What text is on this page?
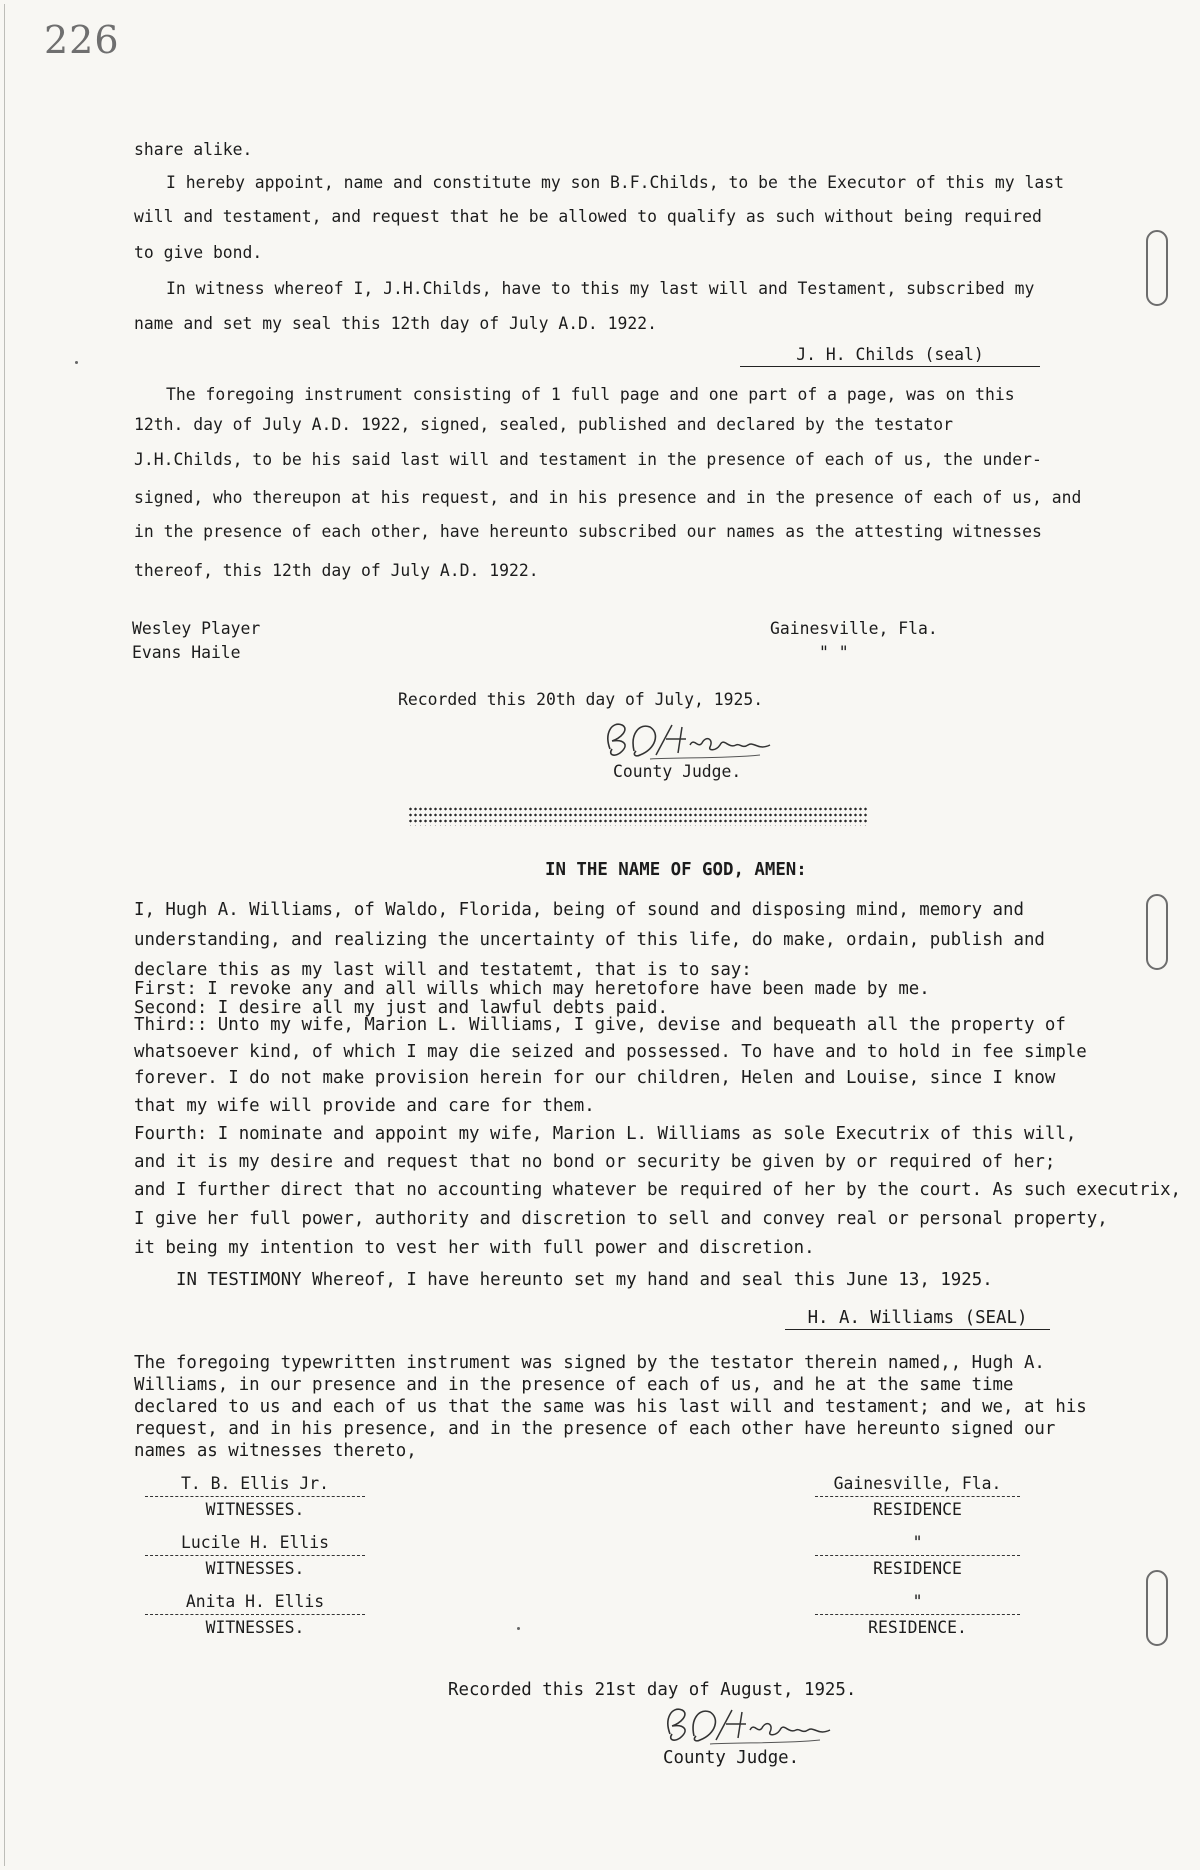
226
share alike.
I hereby appoint, name and constitute my son B.F.Childs, to be the Executor of this my last
will and testament, and request that he be allowed to qualify as such without being required
to give bond.
In witness whereof I, J.H.Childs, have to this my last will and Testament, subscribed my
name and set my seal this 12th day of July A.D. 1922.
J. H. Childs (seal)
The foregoing instrument consisting of 1 full page and one part of a page, was on this
12th. day of July A.D. 1922, signed, sealed, published and declared by the testator
J.H.Childs, to be his said last will and testament in the presence of each of us, the under-
signed, who thereupon at his request, and in his presence and in the presence of each of us, and
in the presence of each other, have hereunto subscribed our names as the attesting witnesses
thereof, this 12th day of July A.D. 1922.
Wesley Player
Evans Haile
Gainesville, Fla.
" "
Recorded this 20th day of July, 1925.
County Judge.
IN THE NAME OF GOD, AMEN:
I, Hugh A. Williams, of Waldo, Florida, being of sound and disposing mind, memory and
understanding, and realizing the uncertainty of this life, do make, ordain, publish and
declare this as my last will and testatemt, that is to say:
First: I revoke any and all wills which may heretofore have been made by me.
Second: I desire all my just and lawful debts paid.
Third:: Unto my wife, Marion L. Williams, I give, devise and bequeath all the property of
whatsoever kind, of which I may die seized and possessed. To have and to hold in fee simple
forever. I do not make provision herein for our children, Helen and Louise, since I know
that my wife will provide and care for them.
Fourth: I nominate and appoint my wife, Marion L. Williams as sole Executrix of this will,
and it is my desire and request that no bond or security be given by or required of her;
and I further direct that no accounting whatever be required of her by the court. As such executrix,
I give her full power, authority and discretion to sell and convey real or personal property,
it being my intention to vest her with full power and discretion.
IN TESTIMONY Whereof, I have hereunto set my hand and seal this June 13, 1925.
H. A. Williams (SEAL)
The foregoing typewritten instrument was signed by the testator therein named,, Hugh A.
Williams, in our presence and in the presence of each of us, and he at the same time
declared to us and each of us that the same was his last will and testament; and we, at his
request, and in his presence, and in the presence of each other have hereunto signed our
names as witnesses thereto,
T. B. Ellis Jr.
WITNESSES.
Lucile H. Ellis
WITNESSES.
Anita H. Ellis
WITNESSES.
Gainesville, Fla.
RESIDENCE
"
RESIDENCE
"
RESIDENCE.
Recorded this 21st day of August, 1925.
County Judge.
